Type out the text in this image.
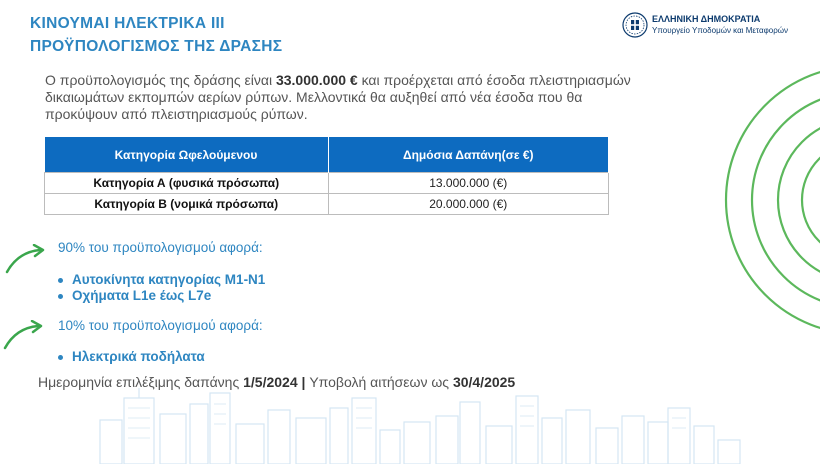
ΚΙΝΟΥΜΑΙ ΗΛΕΚΤΡΙΚΑ ΙΙΙ
ΠΡΟΫΠΟΛΟΓΙΣΜΟΣ ΤΗΣ ΔΡΑΣΗΣ
ΕΛΛΗΝΙΚΗ ΔΗΜΟΚΡΑΤΙΑ
Υπουργείο Υποδομών και Μεταφορών
Ο προϋπολογισμός της δράσης είναι 33.000.000 € και προέρχεται από έσοδα πλειστηριασμών δικαιωμάτων εκπομπών αερίων ρύπων. Μελλοντικά θα αυξηθεί από νέα έσοδα που θα προκύψουν από πλειστηριασμούς ρύπων.
Κατηγορία Ωφελούμενου	Δημόσια Δαπάνη(σε €)
Κατηγορία Α (φυσικά πρόσωπα)	13.000.000 (€)
Κατηγορία Β (νομικά πρόσωπα)	20.000.000 (€)
90% του προϋπολογισμού αφορά:
Αυτοκίνητα κατηγορίας Μ1-Ν1
Οχήματα L1e έως L7e
10% του προϋπολογισμού αφορά:
Ηλεκτρικά ποδήλατα
Ημερομηνία επιλέξιμης δαπάνης 1/5/2024 | Υποβολή αιτήσεων ως 30/4/2025
